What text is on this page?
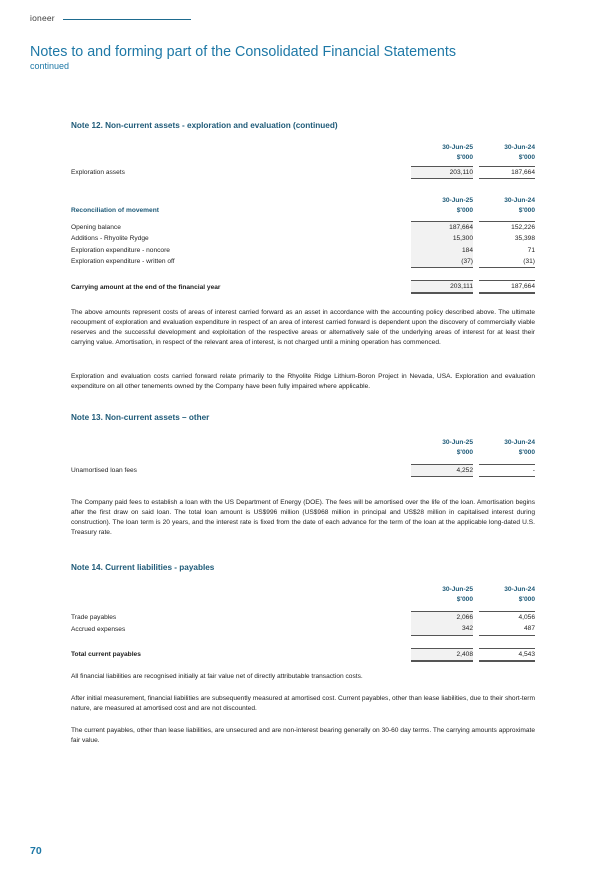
ioneer
Notes to and forming part of the Consolidated Financial Statements
continued
Note 12. Non-current assets - exploration and evaluation (continued)
	30-Jun-25		30-Jun-24
	$'000		$'000

Exploration assets	203,110		187,664
	30-Jun-25		30-Jun-24
Reconciliation of movement	$'000		$'000

Opening balance	187,664		152,226
Additions - Rhyolite Rydge	15,300		35,398
Exploration expenditure - noncore	184		71
Exploration expenditure - written off	(37)		(31)

Carrying amount at the end of the financial year	203,111		187,664
The above amounts represent costs of areas of interest carried forward as an asset in accordance with the accounting policy described above. The ultimate recoupment of exploration and evaluation expenditure in respect of an area of interest carried forward is dependent upon the discovery of commercially viable reserves and the successful development and exploitation of the respective areas or alternatively sale of the underlying areas of interest for at least their carrying value. Amortisation, in respect of the relevant area of interest, is not charged until a mining operation has commenced.
Exploration and evaluation costs carried forward relate primarily to the Rhyolite Ridge Lithium-Boron Project in Nevada, USA. Exploration and evaluation expenditure on all other tenements owned by the Company have been fully impaired where applicable.
Note 13. Non-current assets – other
	30-Jun-25		30-Jun-24
	$'000		$'000

Unamortised loan fees	4,252		-
The Company paid fees to establish a loan with the US Department of Energy (DOE). The fees will be amortised over the life of the loan. Amortisation begins after the first draw on said loan. The total loan amount is US$996 million (US$968 million in principal and US$28 million in capitalised interest during construction). The loan term is 20 years, and the interest rate is fixed from the date of each advance for the term of the loan at the applicable long-dated U.S. Treasury rate.
Note 14. Current liabilities - payables
	30-Jun-25		30-Jun-24
	$'000		$'000

Trade payables	2,066		4,056
Accrued expenses	342		487

Total current payables	2,408		4,543
All financial liabilities are recognised initially at fair value net of directly attributable transaction costs.
After initial measurement, financial liabilities are subsequently measured at amortised cost. Current payables, other than lease liabilities, due to their short-term nature, are measured at amortised cost and are not discounted.
The current payables, other than lease liabilities, are unsecured and are non-interest bearing generally on 30-60 day terms. The carrying amounts approximate fair value.
70
